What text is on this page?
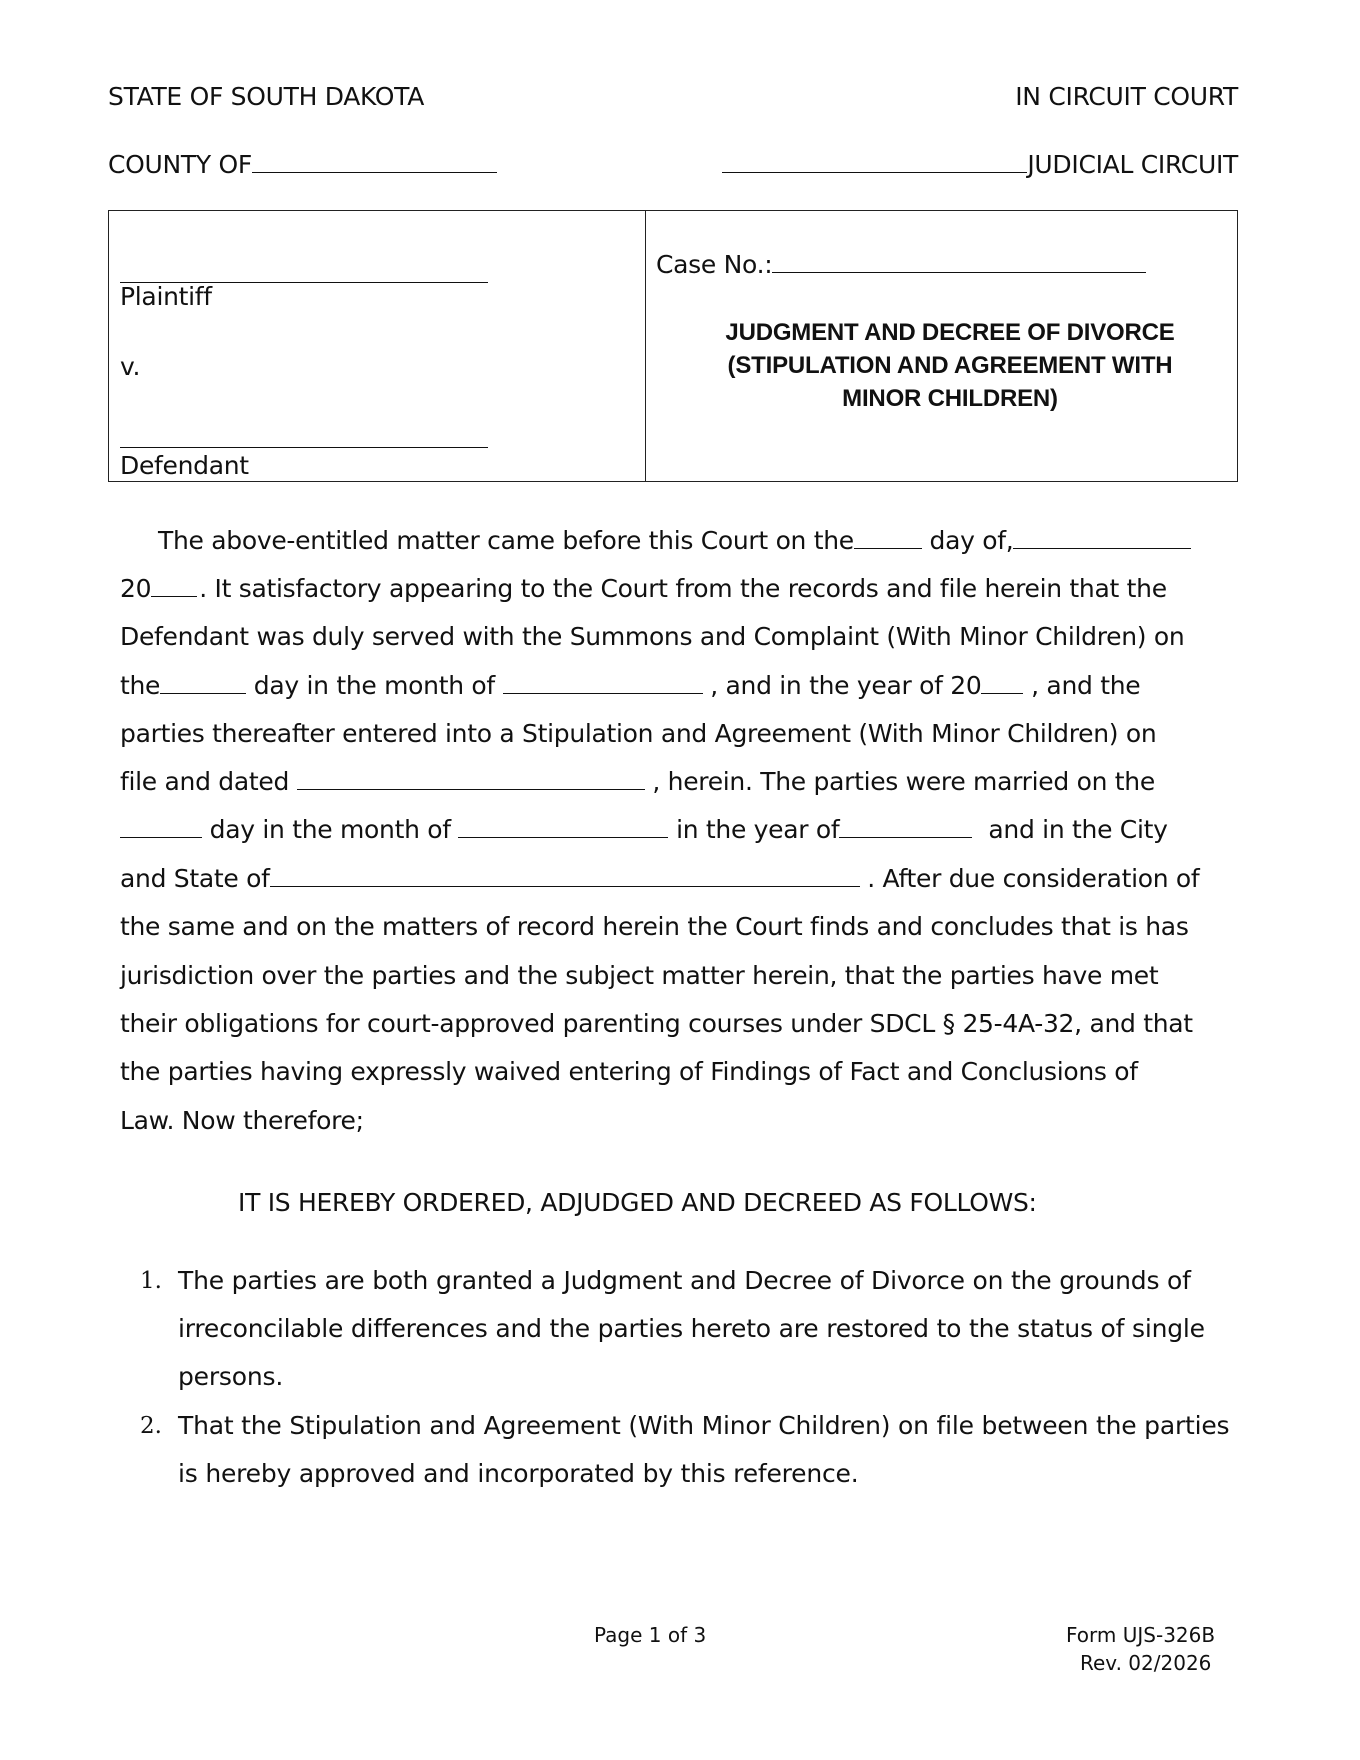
STATE OF SOUTH DAKOTA	IN CIRCUIT COURT
COUNTY OF	JUDICIAL CIRCUIT
Plaintiff
v.
Defendant
Case No.:
JUDGMENT AND DECREE OF DIVORCE
(STIPULATION AND AGREEMENT WITH
MINOR CHILDREN)
The above-entitled matter came before this Court on the	day of,
20 . It satisfactory appearing to the Court from the records and file herein that the
Defendant was duly served with the Summons and Complaint (With Minor Children) on
the	day in the month of	, and in the year of 20 , and the
parties thereafter entered into a Stipulation and Agreement (With Minor Children) on
file and dated	, herein. The parties were married on the
day in the month of	in the year of	and in the City
and State of	. After due consideration of
the same and on the matters of record herein the Court finds and concludes that is has
jurisdiction over the parties and the subject matter herein, that the parties have met
their obligations for court-approved parenting courses under SDCL § 25-4A-32, and that
the parties having expressly waived entering of Findings of Fact and Conclusions of
Law. Now therefore;
IT IS HEREBY ORDERED, ADJUDGED AND DECREED AS FOLLOWS:
1. The parties are both granted a Judgment and Decree of Divorce on the grounds of
irreconcilable differences and the parties hereto are restored to the status of single
persons.
2. That the Stipulation and Agreement (With Minor Children) on file between the parties
is hereby approved and incorporated by this reference.
Page 1 of 3	Form UJS-326B
Rev. 02/2026
